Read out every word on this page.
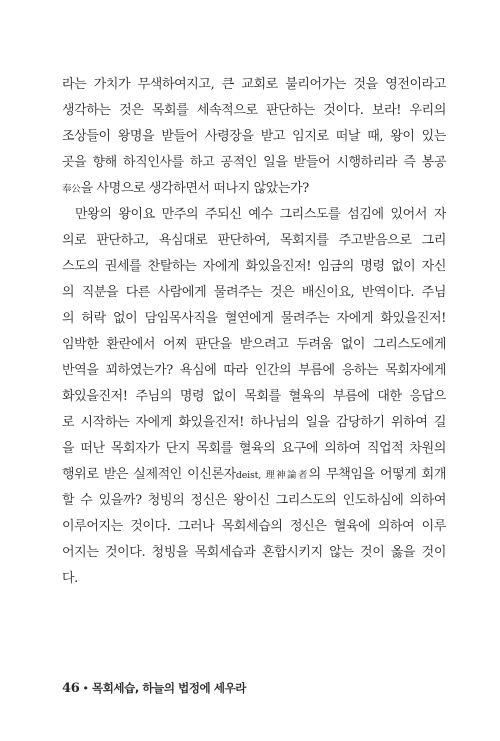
라는 가치가 무색하여지고, 큰 교회로 불리어가는 것을 영전이라고
생각하는 것은 목회를 세속적으로 판단하는 것이다. 보라! 우리의
조상들이 왕명을 받들어 사령장을 받고 임지로 떠날 때, 왕이 있는
곳을 향해 하직인사를 하고 공적인 일을 받들어 시행하리라 즉 봉공
奉公을 사명으로 생각하면서 떠나지 않았는가?
만왕의 왕이요 만주의 주되신 예수 그리스도를 섬김에 있어서 자
의로 판단하고, 욕심대로 판단하여, 목회지를 주고받음으로 그리
스도의 권세를 찬탈하는 자에게 화있을진저! 임금의 명령 없이 자신
의 직분을 다른 사람에게 물려주는 것은 배신이요, 반역이다. 주님
의 허락 없이 담임목사직을 혈연에게 물려주는 자에게 화있을진저!
임박한 환란에서 어찌 판단을 받으려고 두려움 없이 그리스도에게
반역을 꾀하였는가? 욕심에 따라 인간의 부름에 응하는 목회자에게
화있을진저! 주님의 명령 없이 목회를 혈육의 부름에 대한 응답으
로 시작하는 자에게 화있을진저! 하나님의 일을 감당하기 위하여 길
을 떠난 목회자가 단지 목회를 혈육의 요구에 의하여 직업적 차원의
행위로 받은 실제적인 이신론자deist, 理神論者의 무책임을 어떻게 회개
할 수 있을까? 청빙의 정신은 왕이신 그리스도의 인도하심에 의하여
이루어지는 것이다. 그러나 목회세습의 정신은 혈육에 의하여 이루
어지는 것이다. 청빙을 목회세습과 혼합시키지 않는 것이 옳을 것이
다.
46 • 목회세습, 하늘의 법정에 세우라
